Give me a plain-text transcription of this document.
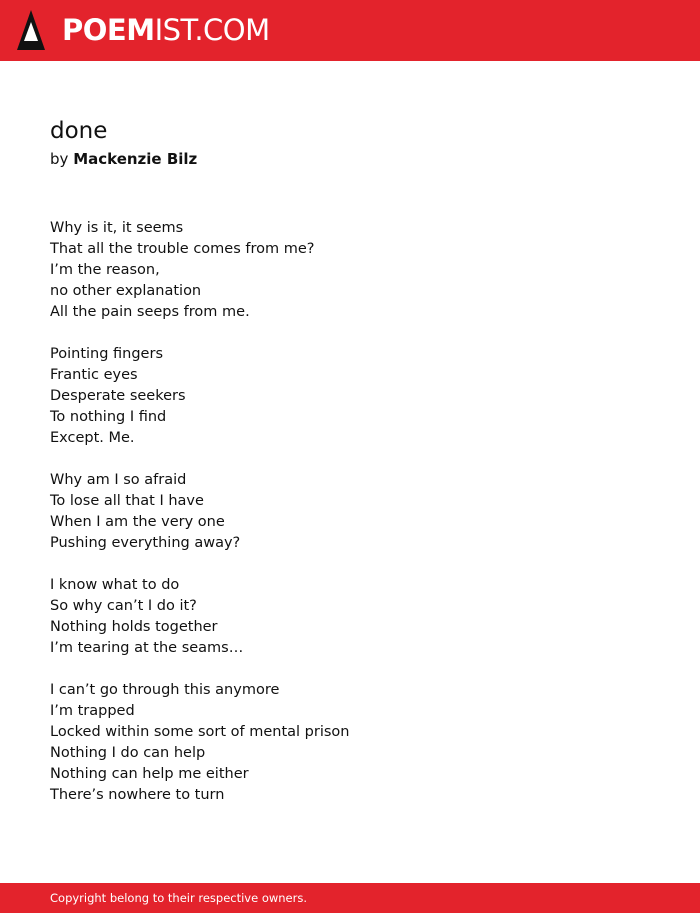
POEMIST.COM
done
by Mackenzie Bilz
Why is it, it seems
That all the trouble comes from me?
I’m the reason,
no other explanation
All the pain seeps from me.
Pointing fingers
Frantic eyes
Desperate seekers
To nothing I find
Except. Me.
Why am I so afraid
To lose all that I have
When I am the very one
Pushing everything away?
I know what to do
So why can’t I do it?
Nothing holds together
I’m tearing at the seams…
I can’t go through this anymore
I’m trapped
Locked within some sort of mental prison
Nothing I do can help
Nothing can help me either
There’s nowhere to turn
Copyright belong to their respective owners.
